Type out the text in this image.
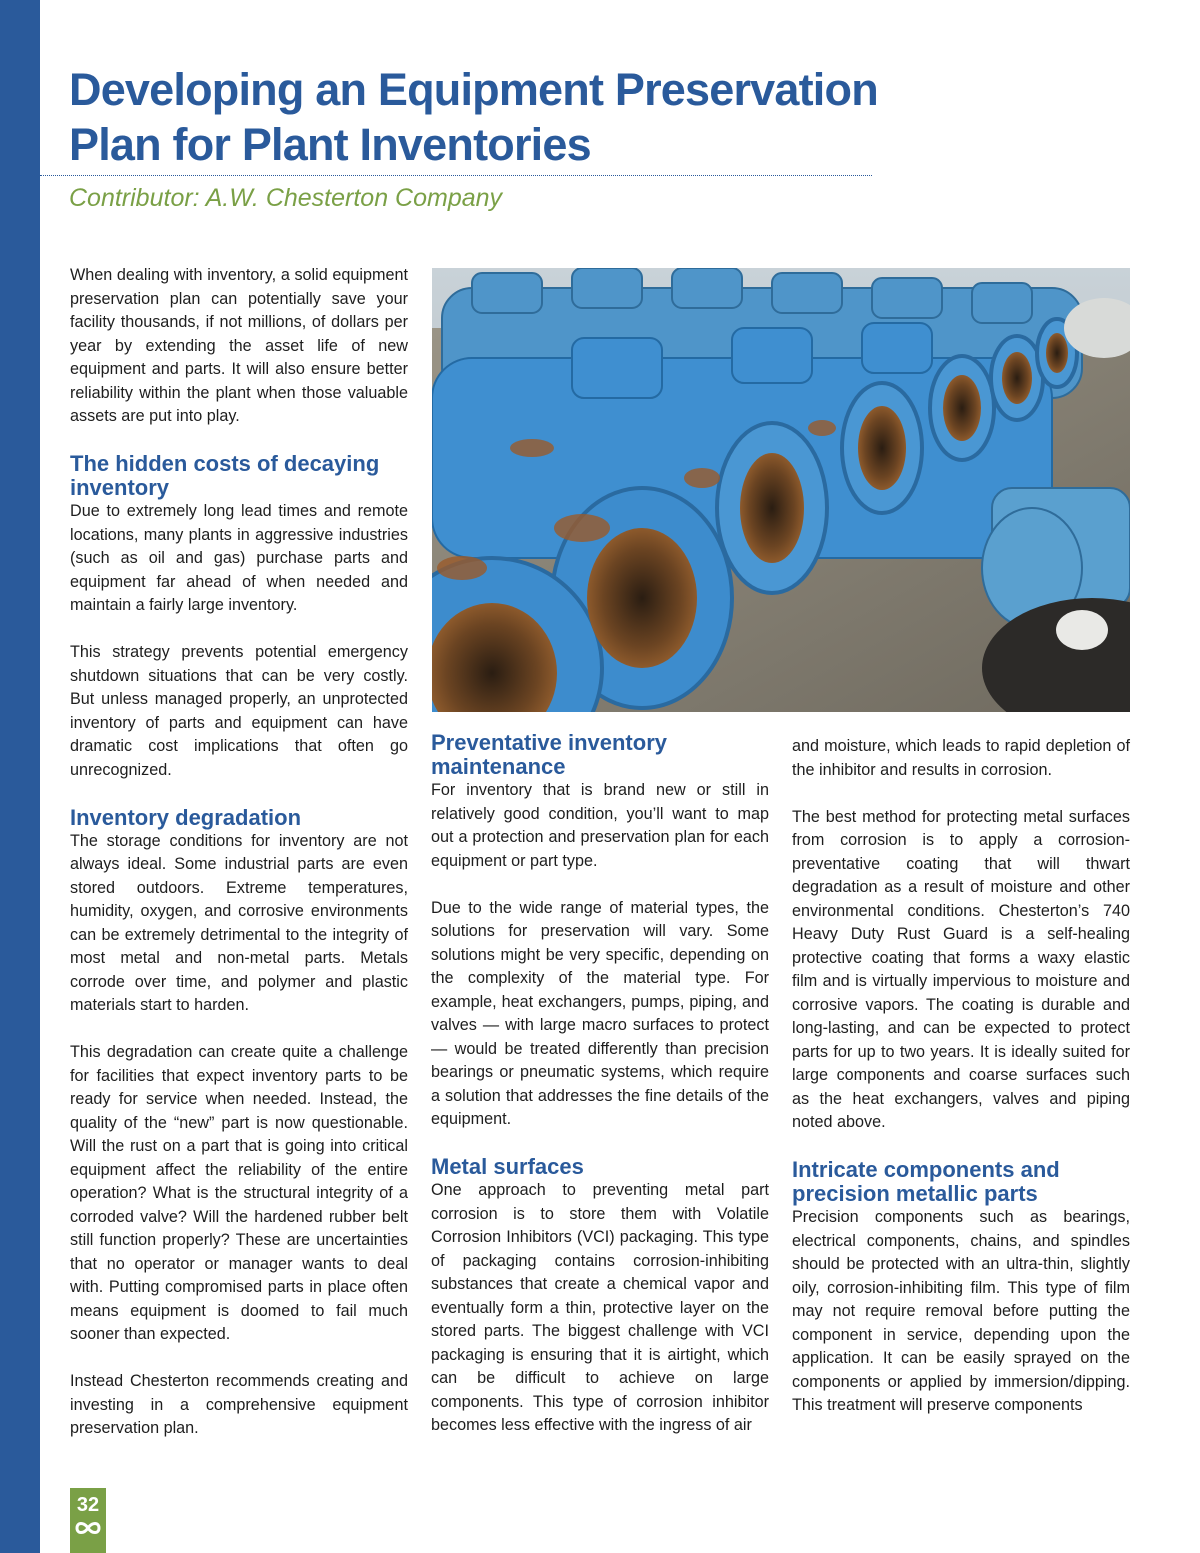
Developing an Equipment Preservation
Plan for Plant Inventories
Contributor: A.W. Chesterton Company

When dealing with inventory, a solid equipment preservation plan can potentially save your facility thousands, if not millions, of dollars per year by extending the asset life of new equipment and parts. It will also ensure better reliability within the plant when those valuable assets are put into play.

The hidden costs of decaying inventory

Due to extremely long lead times and remote locations, many plants in aggressive industries (such as oil and gas) purchase parts and equipment far ahead of when needed and maintain a fairly large inventory.

This strategy prevents potential emergency shutdown situations that can be very costly. But unless managed properly, an unprotected inventory of parts and equipment can have dramatic cost implications that often go unrecognized.

Inventory degradation

The storage conditions for inventory are not always ideal. Some industrial parts are even stored outdoors. Extreme temperatures, humidity, oxygen, and corrosive environments can be extremely detrimental to the integrity of most metal and non-metal parts. Metals corrode over time, and polymer and plastic materials start to harden.

This degradation can create quite a challenge for facilities that expect inventory parts to be ready for service when needed. Instead, the quality of the “new” part is now questionable. Will the rust on a part that is going into critical equipment affect the reliability of the entire operation? What is the structural integrity of a corroded valve? Will the hardened rubber belt still function properly? These are uncertainties that no operator or manager wants to deal with. Putting compromised parts in place often means equipment is doomed to fail much sooner than expected.

Instead Chesterton recommends creating and investing in a comprehensive equipment preservation plan.

Preventative inventory maintenance

For inventory that is brand new or still in relatively good condition, you’ll want to map out a protection and preservation plan for each equipment or part type.

Due to the wide range of material types, the solutions for preservation will vary. Some solutions might be very specific, depending on the complexity of the material type. For example, heat exchangers, pumps, piping, and valves — with large macro surfaces to protect — would be treated differently than precision bearings or pneumatic systems, which require a solution that addresses the fine details of the equipment.

Metal surfaces

One approach to preventing metal part corrosion is to store them with Volatile Corrosion Inhibitors (VCI) packaging. This type of packaging contains corrosion-inhibiting substances that create a chemical vapor and eventually form a thin, protective layer on the stored parts. The biggest challenge with VCI packaging is ensuring that it is airtight, which can be difficult to achieve on large components. This type of corrosion inhibitor becomes less effective with the ingress of air

and moisture, which leads to rapid depletion of the inhibitor and results in corrosion.

The best method for protecting metal surfaces from corrosion is to apply a corrosion-preventative coating that will thwart degradation as a result of moisture and other environmental conditions. Chesterton’s 740 Heavy Duty Rust Guard is a self-healing protective coating that forms a waxy elastic film and is virtually impervious to moisture and corrosive vapors. The coating is durable and long-lasting, and can be expected to protect parts for up to two years. It is ideally suited for large components and coarse surfaces such as the heat exchangers, valves and piping noted above.

Intricate components and precision metallic parts

Precision components such as bearings, electrical components, chains, and spindles should be protected with an ultra-thin, slightly oily, corrosion-inhibiting film. This type of film may not require removal before putting the component in service, depending upon the application. It can be easily sprayed on the components or applied by immersion/dipping. This treatment will preserve components

32
